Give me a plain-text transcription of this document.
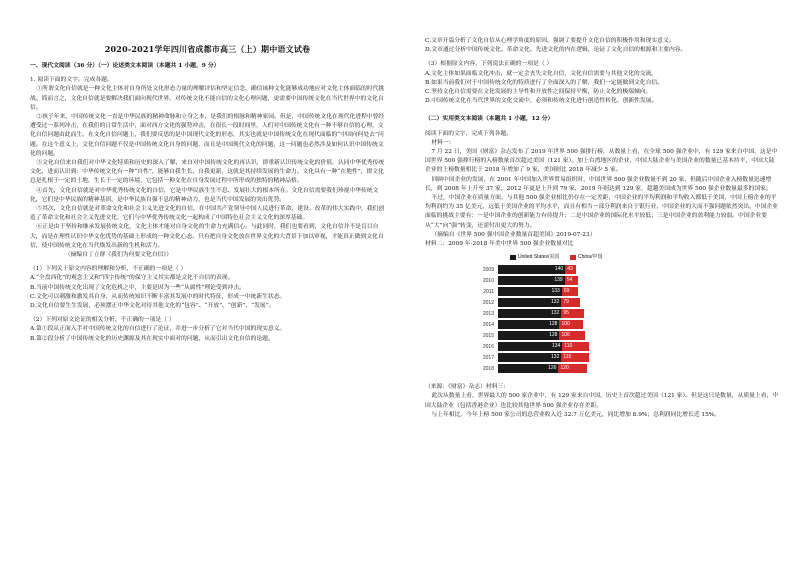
2020-2021学年四川省成都市高三（上）期中语文试卷
一、现代文阅读（36 分）（一）论述类文本阅读（本题共 1 小题，9 分）

1. 阅读下面的文字，完成各题。

①所谓文化自信就是一种文化主体对自身所处文化形态力量的理解评估和坚定信念，确信该种文化能够成功地应对文化主体面临的时代挑战。简而言之，文化自信就是要解决我们面向现代世界，对传统文化不能自信的文化心理问题，更需要中国传统文化在当代世界中的文化自信。

②孩子年来，中国传统文化一直是中华民族的精神命脉和立身之本，是我们的根脉和精神家园。但是，中国传统文化在现代化进程中曾经遭受过一系列冲击，在我们的日常生活中，面对西方文化的强势冲击，在很长一段时间里，人们对中国传统文化有一种不够自信的心理，文化自信问题由此而生。在文化自信问题上，我们要反思的是中国现代文化的形态，其实也就是中国传统文化在现代面临的“中国向何处去”问题。在这个意义上，文化自信问题不仅是中国传统文化自身的问题，而且是中国现代文化的问题，这一问题也必然涉及如何认识中国传统文化的问题。

③文化自信来自我们对中华文化特质和历史的深入了解，来自对中国传统文化的再认识，即重新认识传统文化的价值，认同中华优秀传统文化，进而认识到：中华传统文化有一种“自性”，能够自我生长、自我更新，这就是其持续发展的生命力。文化具有一种“在地性”，即文化总是扎根于一定的土地，生长于一定的环境，它包括一种文化在自身发展过程中所形成的独特的精神品格。

④首先，文化自信就是对中华优秀传统文化的自信，它是中华民族生生不息、发展壮大的根本所在。文化自信需要我们珍视中华传统文化，它们是中华民族的精神基因，是中华民族自强不息的精神动力，也是当代中国发展的突出优势。

⑤其次，文化自信就是对革命文化和社会主义先进文化的自信，在中国共产党领导中国人民进行革命、建设、改革的伟大实践中，我们创造了革命文化和社会主义先进文化，它们与中华优秀传统文化一起构成了中国特色社会主义文化的深厚基础。

⑥正是由于坚持和继承发展传统文化，文化主体才能对自身文化的生命力充满信心。与此同时，我们也要看到，文化自信并不是盲目自大，而是在理性认识中华文化优势的基础上形成的一种文化心态。只有把自身文化放在世界文化的大背景下加以审视，才能真正做到文化自信，使中国传统文化在当代焕发出新的生机和活力。

（摘编自丁立群《我们为何要文化自信》）

（1）下列关于原文内容的理解和分析，不正确的一项是（ ）

A.“全盘西化”的观念主义和“四字传统”的保守主义其实都是文化不自信的表现。

B.当前中国传统文化出现了文化危机之中，主要是因为一些“从属性”理论受到冲击。

C.文化可以刺激和激发其自身，从而传统知识不断丰富其发展中的时代特征，形成一中统新生状态。

D.文化自信要生生发展，必须摆正中华文化对待其他文化的“包容”、“开放”、“创新”、“发展”。

（2）下列对原文论证的相关分析，不正确的一项是（ ）

A.第①段从正面入手对中国传统文化的自信进行了论证，并进一步分析了它对当代中国的现实意义。

B.第②段分析了中国传统文化的历史渊源及其在现实中面对的问题，从而引出文化自信的论题。

C.文章开篇分析了文化自信从心理学角度的原因，强调了要提升文化自信的积极作用和现实意义。

D.文章通过分析中国传统文化、革命文化、先进文化的内在逻辑，论证了文化自信的根源和主要内容。

（3）根据原文内容，下列说法正确的一项是（ ）

A.文化主体如果面临文化冲击，就一定会丧失文化自信，文化自信需要与其他文化的交流。

B.如果当前我们对于中国传统文化的特质进行了全面深入的了解，我们一定能做到文化自信。

C.坚持文化自信需要在文化发展的主导性和开放性之间保持平衡，防止文化的极端倾向。

D.中国传统文化在当代世界的文化交流中，必须和传统文化进行创造性转化、创新性发展。

（二）实用类文本阅读（本题共 1 小题，12 分）

阅读下面的文字，完成下列各题。

材料一：

7 月 22 日，美国《财富》杂志发布了 2019 年世界 500 强排行榜，从数量上看，在全球 500 强企业中，有 129 家来自中国，这是中国世界 500 强排行榜的入榜数量首次超过美国（121 家）。加上台湾地区的企业，中国大陆企业与美国企业的数量已基本持平，中国大陆企业的上榜数量相比于 2018 年增加了 9 家，美国则比 2018 年减少 5 家。

回顾中国企业的发展，在 2001 年中国加入世界贸易组织时，中国世界 500 强企业数量不到 20 家，但随后中国企业入榜数量迅速增长，到 2008 年上升至 37 家，2012 年更是上升到 79 家，2019 年则达到 129 家，超越美国成为世界 500 强企业数量最多的国家。

不过，中国企业在质量方面，与其他 500 强企业相比仍存在一定差距，中国企业的平均利润和平均收入都低于美国，中国上榜企业的平均利润约为 35 亿美元，远低于美国企业的平均水平，而且有相当一部分利润来自于银行业，中国企业的大而不强问题依然突出。中国企业面临的挑战主要有：一是中国企业的创新能力有待提升；二是中国企业的国际化水平较低；三是中国企业的盈利能力较弱。中国企业要从“大”向“强”转变，还需付出更大的努力。

（摘编自《世界 500 强中国企业数量首超美国》2019-07-23）

材料二：2009 年-2018 年美中世界 500 强企业数量对比

United States/美国	China/中国
2009	140 43
2010	139 54
2011	133 69
2012	132 79
2013	132 95
2014	128 100
2015	128 106
2016	134 110
2017	132 115
2018	126 120

（来源：《财富》杂志）材料三：

此次从数量上看，世界最大的 500 家企业中，有 129 家来自中国，历史上首次超过美国（121 家）。但是这只是数量，从质量上看，中国大陆企业（包括香港企业）也比较其他世界 500 强企业存在差距。

与上年相比，今年上榜 500 家公司的总营业收入近 32.7 万亿美元，同比增加 8.9%；总利润同比增长近 15%。
